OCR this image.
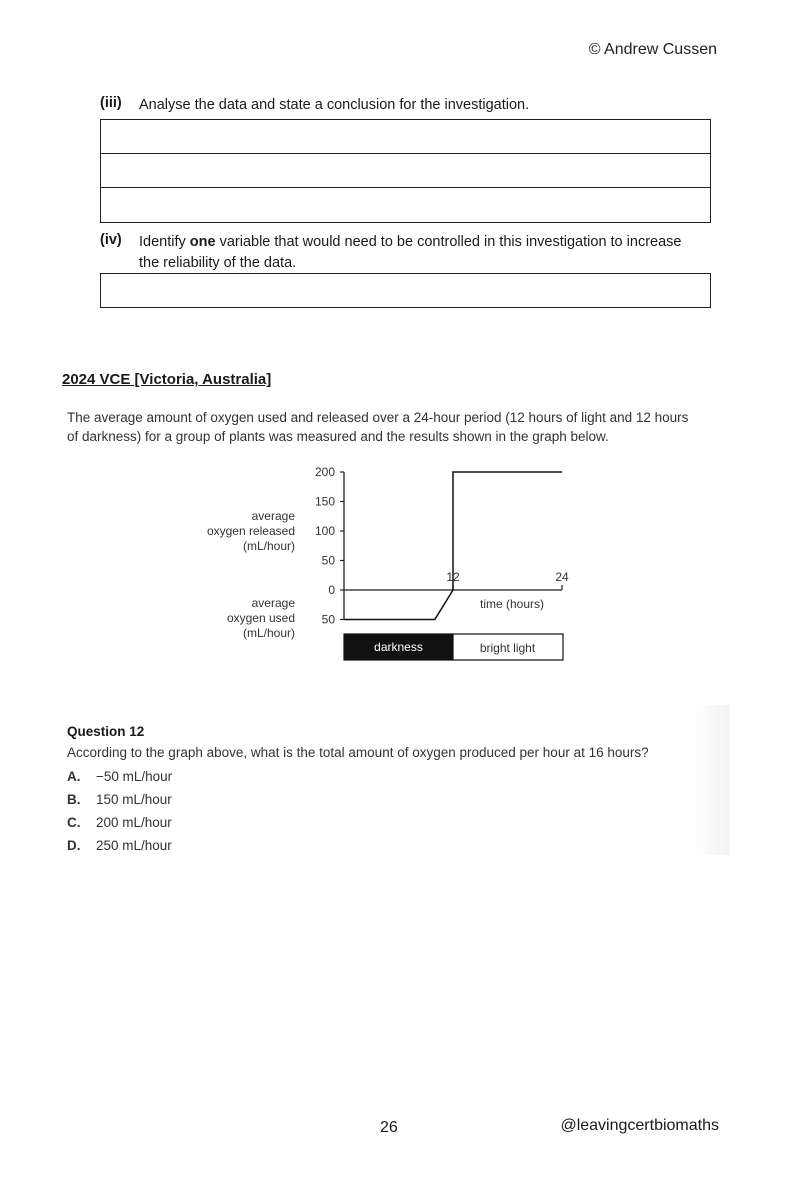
© Andrew Cussen
(iii) Analyse the data and state a conclusion for the investigation.
(iv) Identify one variable that would need to be controlled in this investigation to increase
the reliability of the data.
2024 VCE [Victoria, Australia]
The average amount of oxygen used and released over a 24-hour period (12 hours of light and 12 hours
of darkness) for a group of plants was measured and the results shown in the graph below.
average
oxygen released
(mL/hour)
average
oxygen used
(mL/hour)
200
150
100
50
0
50
12	24
time (hours)
darkness	bright light
Question 12
According to the graph above, what is the total amount of oxygen produced per hour at 16 hours?
A. −50 mL/hour
B. 150 mL/hour
C. 200 mL/hour
D. 250 mL/hour
26	@leavingcertbiomaths
